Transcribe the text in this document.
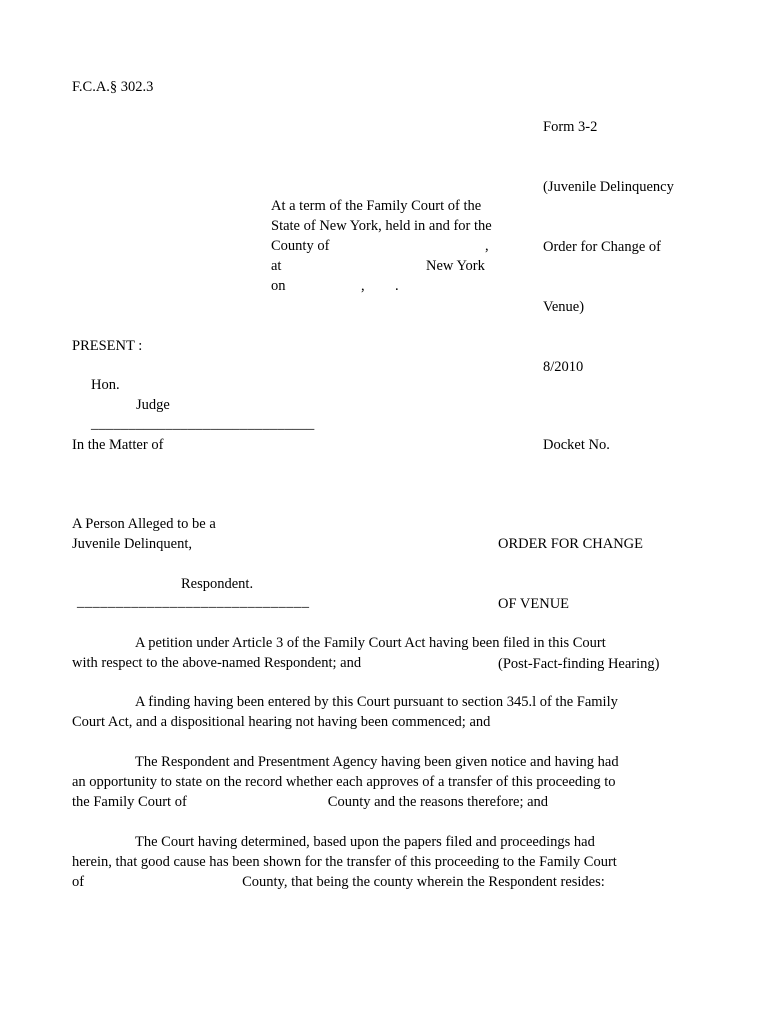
F.C.A.§ 302.3

Form 3-2

(Juvenile Delinquency

Order for Change of

Venue)

8/2010

At a term of the Family Court of the
State of New York, held in and for the
County of	,
at	New York
on	, .
PRESENT :
Hon.
Judge
______________________________
In the Matter of	Docket No.

ORDER FOR CHANGE

OF VENUE

(Post-Fact-finding Hearing)

A Person Alleged to be a
Juvenile Delinquent,
Respondent.
______________________________
A petition under Article 3 of the Family Court Act having been filed in this Court
with respect to the above-named Respondent; and
A finding having been entered by this Court pursuant to section 345.l of the Family
Court Act, and a dispositional hearing not having been commenced; and
The Respondent and Presentment Agency having been given notice and having had
an opportunity to state on the record whether each approves of a transfer of this proceeding to
the Family Court of	County and the reasons therefore; and
The Court having determined, based upon the papers filed and proceedings had
herein, that good cause has been shown for the transfer of this proceeding to the Family Court
of	County, that being the county wherein the Respondent resides:
